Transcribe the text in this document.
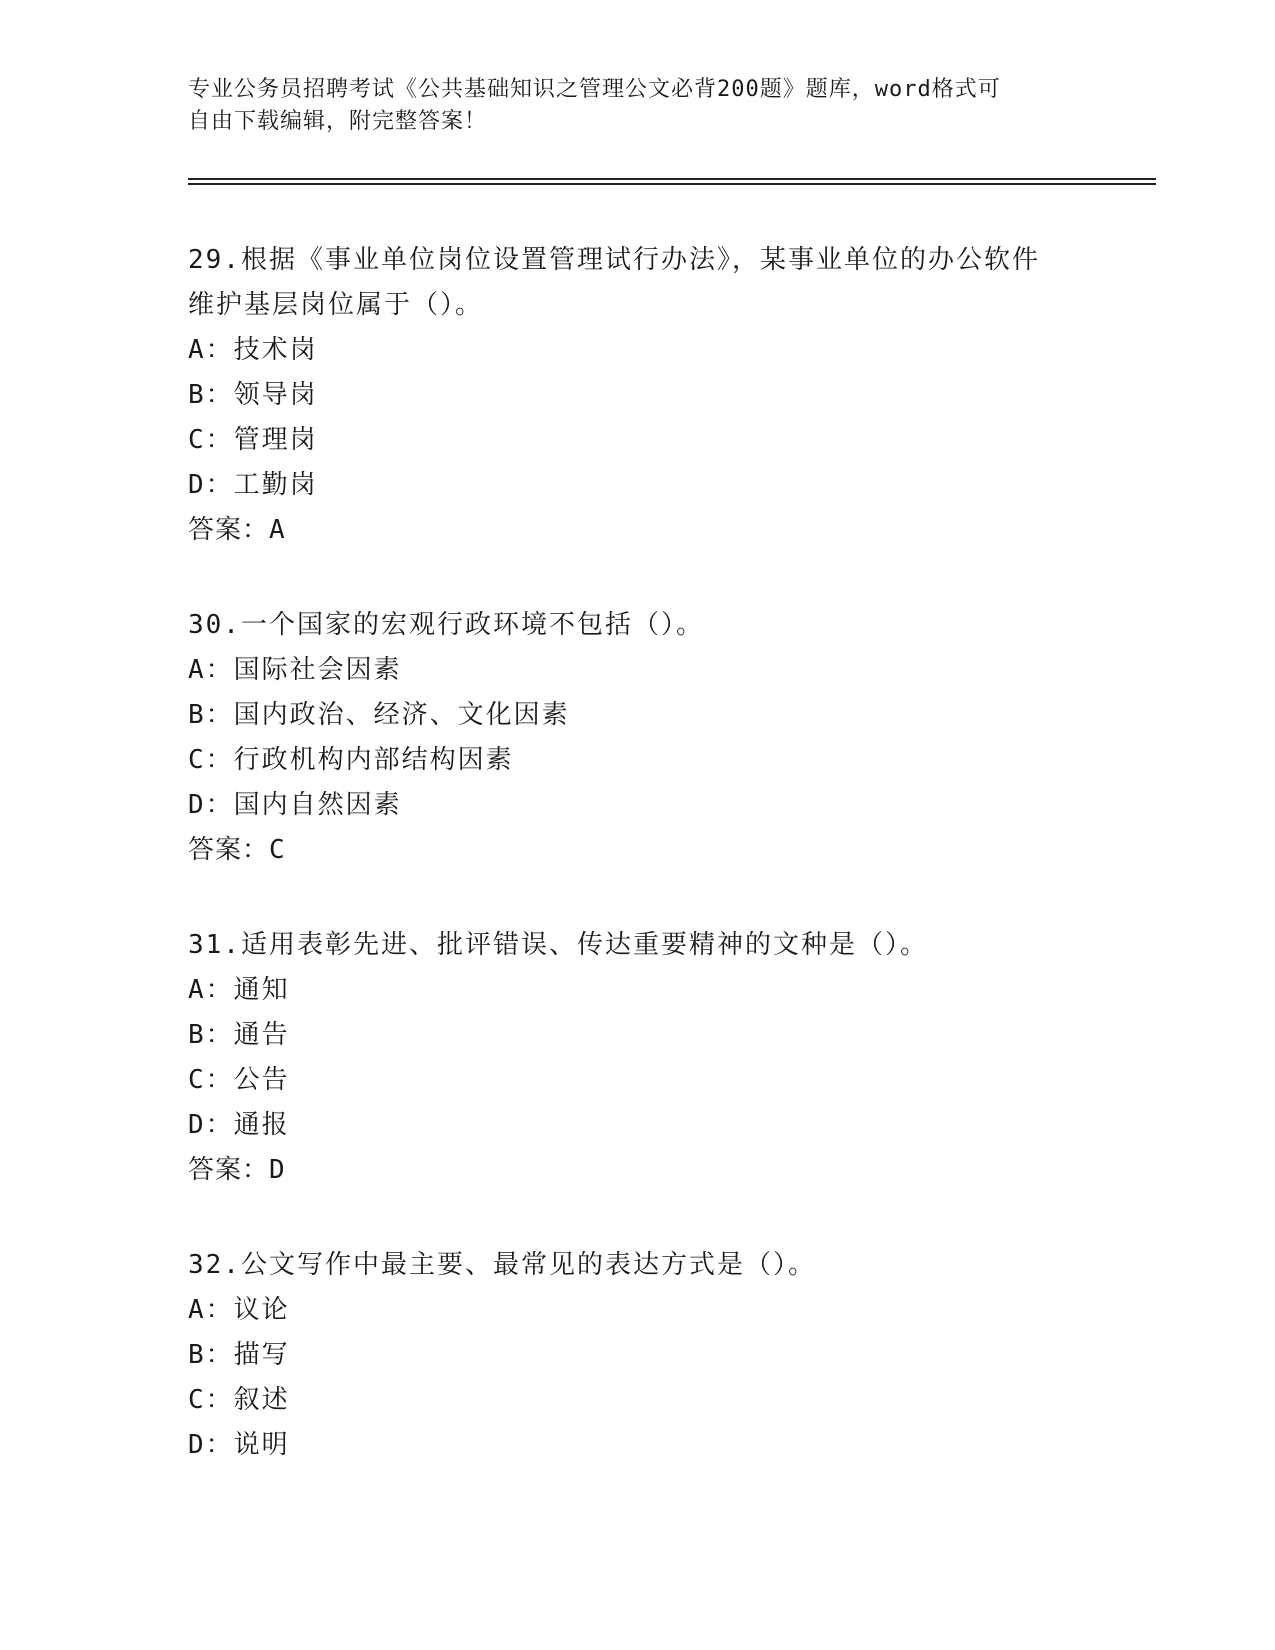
专业公务员招聘考试《公共基础知识之管理公文必背200题》题库，word格式可
自由下载编辑，附完整答案！
29.根据《事业单位岗位设置管理试行办法》，某事业单位的办公软件
维护基层岗位属于（）。
A：技术岗
B：领导岗
C：管理岗
D：工勤岗
答案：A
30.一个国家的宏观行政环境不包括（）。
A：国际社会因素
B：国内政治、经济、文化因素
C：行政机构内部结构因素
D：国内自然因素
答案：C
31.适用表彰先进、批评错误、传达重要精神的文种是（）。
A：通知
B：通告
C：公告
D：通报
答案：D
32.公文写作中最主要、最常见的表达方式是（）。
A：议论
B：描写
C：叙述
D：说明
